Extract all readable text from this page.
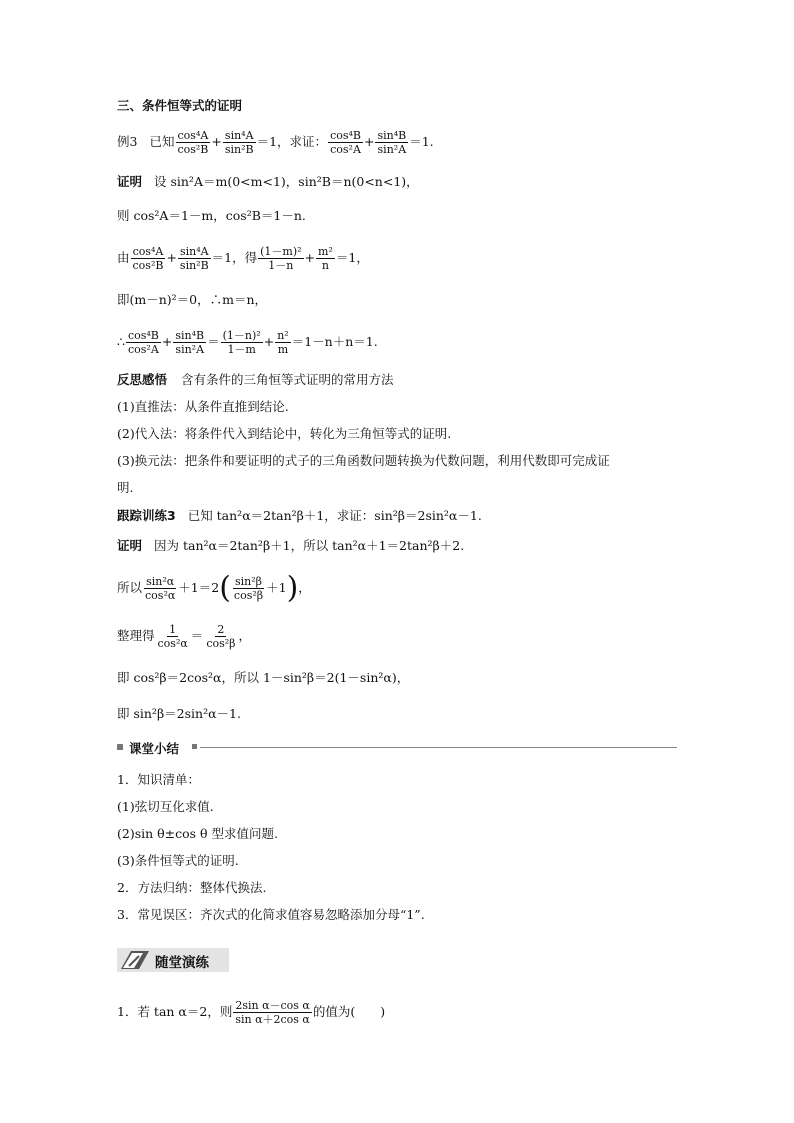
三、条件恒等式的证明
例3 已知 $\frac{\text{cos⁴A}}{\text{cos²B}} + \frac{\text{sin⁴A}}{\text{sin²B}} =1$，求证： $\frac{\text{cos⁴B}}{\text{cos²A}} + \frac{\text{sin⁴B}}{\text{sin²A}} =1$.
证明 设 sin²A＝m(0<m<1)，sin²B＝n(0<n<1)，
则 cos²A＝1－m，cos²B＝1－n.
由 $\frac{\text{cos⁴A}}{\text{cos²B}} + \frac{\text{sin⁴A}}{\text{sin²B}} =1$，得 $\frac{\text{(1－m)²}}{1-n} + \frac{\text{m²}}{n} =1$，
即(m－n)²＝0，∴m＝n，
∴ $\frac{\text{cos⁴B}}{\text{cos²A}} + \frac{\text{sin⁴B}}{\text{sin²A}} = \frac{\text{(1－n)²}}{1-m} + \frac{\text{n²}}{m} =1-n+n=1$.
反思感悟 含有条件的三角恒等式证明的常用方法
(1)直推法：从条件直推到结论.
(2)代入法：将条件代入到结论中，转化为三角恒等式的证明.
(3)换元法：把条件和要证明的式子的三角函数问题转换为代数问题，利用代数即可完成证
明.
跟踪训练3 已知 tan²α＝2tan²β＋1，求证：sin²β＝2sin²α－1.
证明 因为 tan²α＝2tan²β＋1，所以 tan²α＋1＝2tan²β＋2.
所以 $\frac{\text{sin²α}}{\text{cos²α}} +1=2( \frac{\text{sin²β}}{\text{cos²β}} +1)$，
整理得 $\frac{1}{\text{cos²α}} = \frac{2}{\text{cos²β}}$ ，
即 cos²β＝2cos²α，所以 1－sin²β＝2(1－sin²α)，
即 sin²β＝2sin²α－1.
课堂小结
1．知识清单：
(1)弦切互化求值.
(2)sin θ±cos θ 型求值问题.
(3)条件恒等式的证明.
2．方法归纳：整体代换法.
3．常见误区：齐次式的化简求值容易忽略添加分母“1”.
随堂演练
1．若 tan α＝2，则 $\frac{\text{2sin α－cos α}}{\text{sin α＋2cos α}}$ 的值为(　　)
